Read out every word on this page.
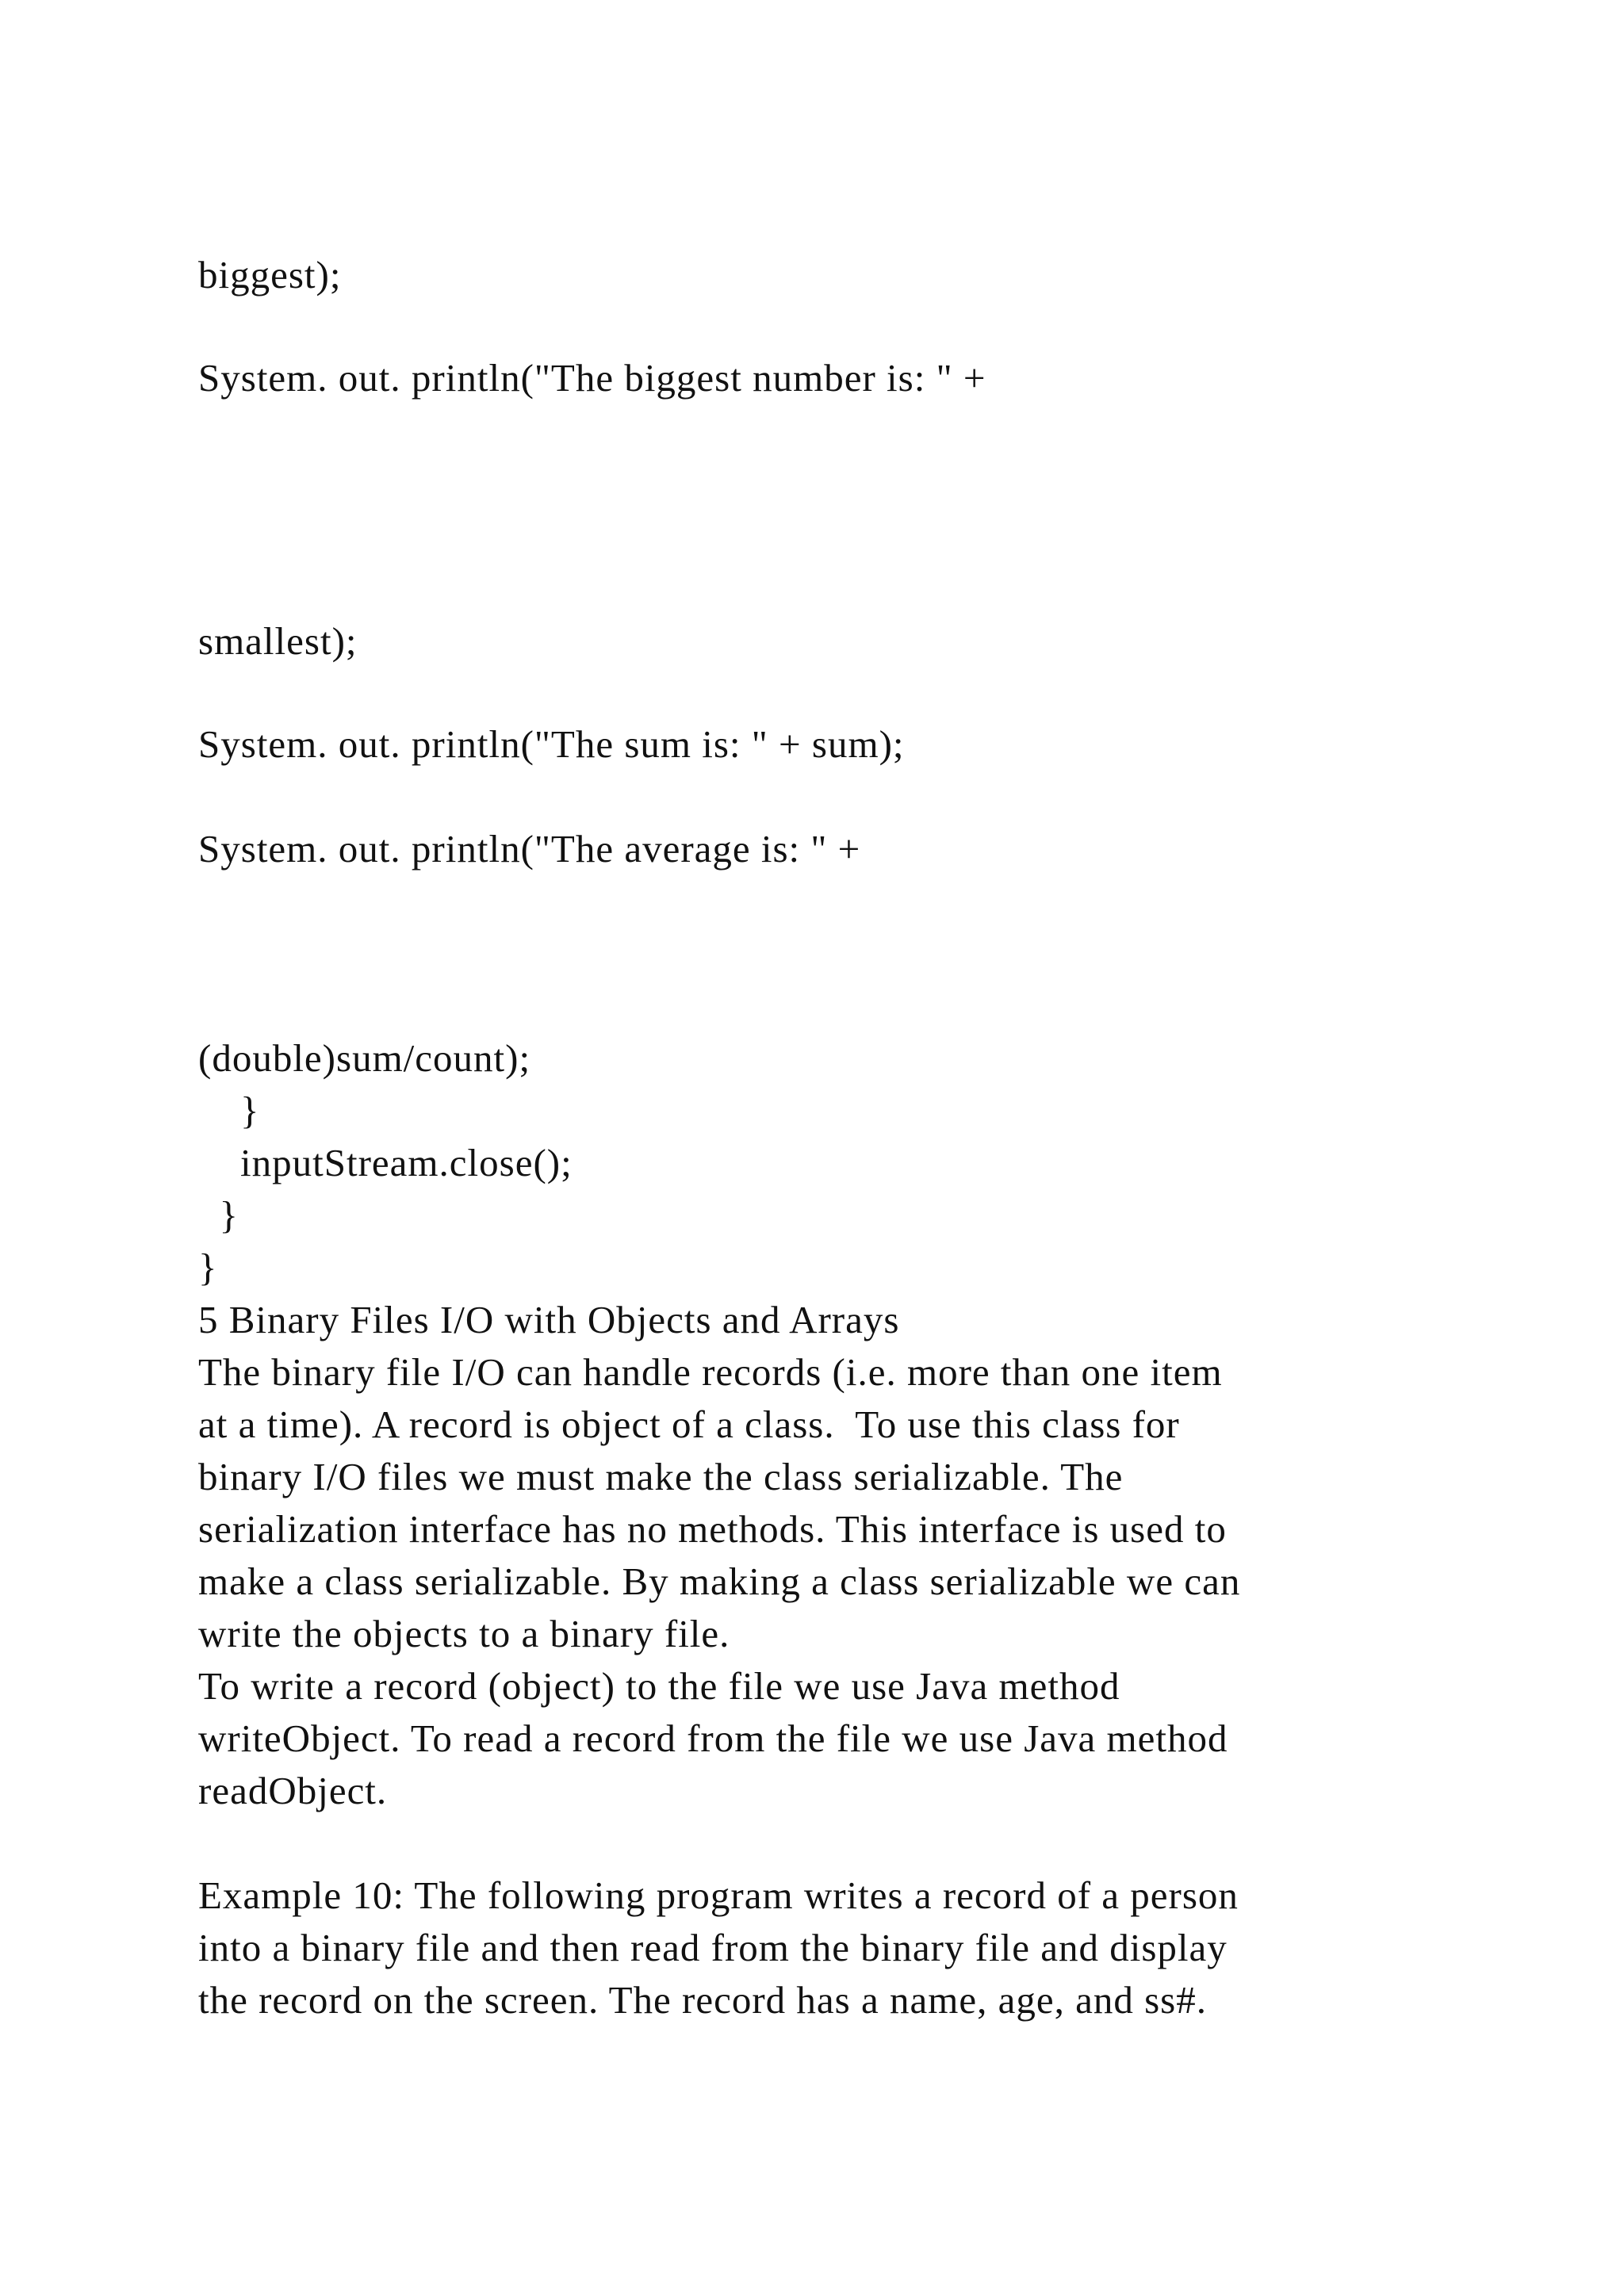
biggest);
System. out. println("The biggest number is: " +
smallest);
System. out. println("The sum is: " + sum);
System. out. println("The average is: " +
(double)sum/count);
}
inputStream.close();
}
}
5 Binary Files I/O with Objects and Arrays
The binary file I/O can handle records (i.e. more than one item
at a time). A record is object of a class.  To use this class for
binary I/O files we must make the class serializable. The
serialization interface has no methods. This interface is used to
make a class serializable. By making a class serializable we can
write the objects to a binary file.
To write a record (object) to the file we use Java method
writeObject. To read a record from the file we use Java method
readObject.
Example 10: The following program writes a record of a person
into a binary file and then read from the binary file and display
the record on the screen. The record has a name, age, and ss#.
